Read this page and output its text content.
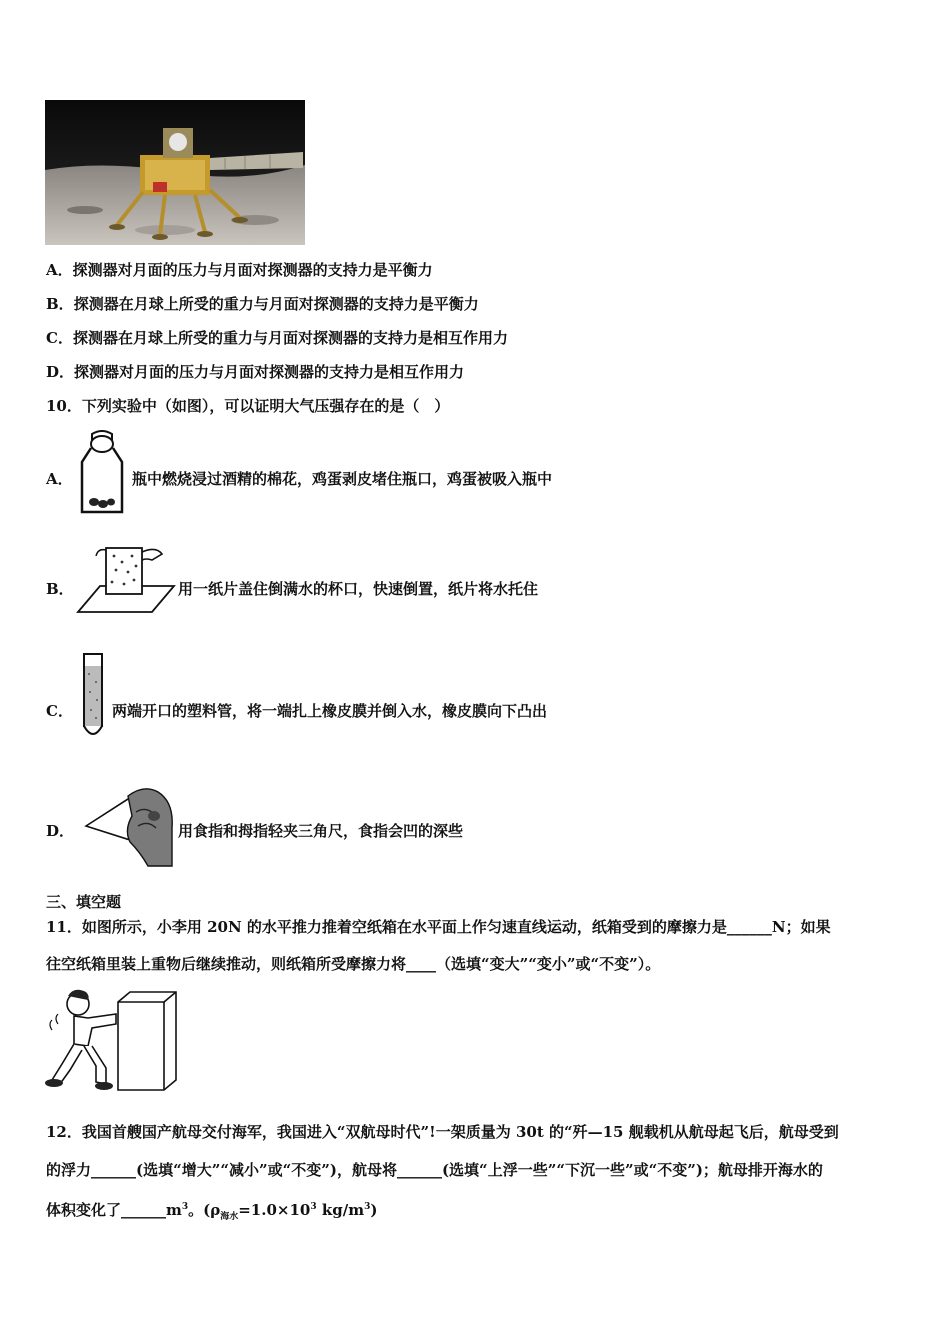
A．探测器对月面的压力与月面对探测器的支持力是平衡力
B．探测器在月球上所受的重力与月面对探测器的支持力是平衡力
C．探测器在月球上所受的重力与月面对探测器的支持力是相互作用力
D．探测器对月面的压力与月面对探测器的支持力是相互作用力
10．下列实验中（如图），可以证明大气压强存在的是（　）
A．	瓶中燃烧浸过酒精的棉花，鸡蛋剥皮堵住瓶口，鸡蛋被吸入瓶中
B．	用一纸片盖住倒满水的杯口，快速倒置，纸片将水托住
C．	两端开口的塑料管，将一端扎上橡皮膜并倒入水，橡皮膜向下凸出
D．	用食指和拇指轻夹三角尺，食指会凹的深些
三、填空题
11．如图所示，小李用 20N 的水平推力推着空纸箱在水平面上作匀速直线运动，纸箱受到的摩擦力是______N；如果
往空纸箱里装上重物后继续推动，则纸箱所受摩擦力将____（选填“变大”“变小”或“不变”）。
12．我国首艘国产航母交付海军，我国进入“双航母时代”!一架质量为 30t 的“歼—15 舰载机从航母起飞后，航母受到
的浮力______(选填“增大”“减小”或“不变”)，航母将______(选填“上浮一些”“下沉一些”或“不变”)；航母排开海水的
体积变化了$\_\_\_\_\_\_m^3$。($\rho_{海水}=1.0\times 10^3$ $kg/m^3$)
